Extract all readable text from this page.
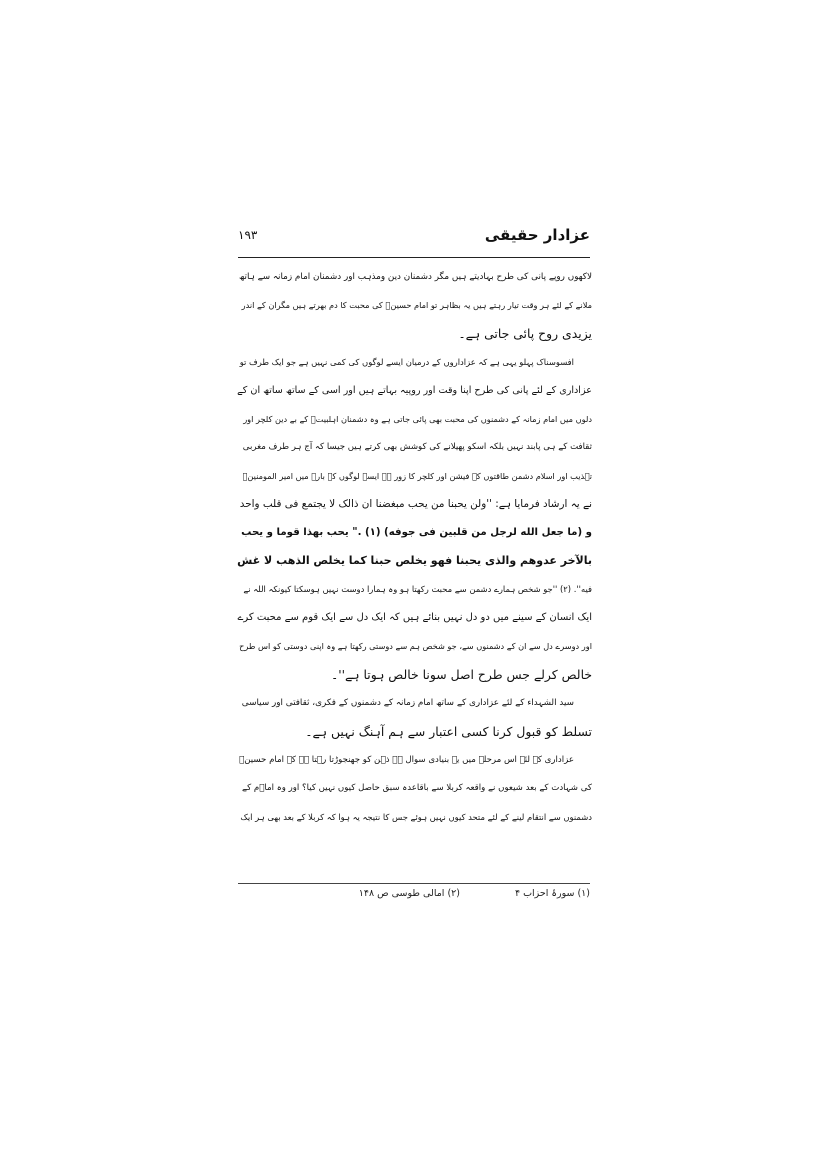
عزادار حقیقی
۱۹۳
لاکھوں روپے پانی کی طرح بہادیتے ہیں مگر دشمنان دین ومذہب اور دشمنان امام زمانہ سے ہاتھ
ملانے کے لئے ہر وقت تیار رہتے ہیں یہ بظاہر تو امام حسینؑ کی محبت کا دم بھرتے ہیں مگران کے اندر
یزیدی روح پائی جاتی ہے۔
افسوسناک پہلو یہی ہے کہ عزاداروں کے درمیان ایسے لوگوں کی کمی نہیں ہے جو ایک طرف تو
عزاداری کے لئے پانی کی طرح اپنا وقت اور روپیہ بہاتے ہیں اور اسی کے ساتھ ساتھ ان کے
دلوں میں امام زمانہ کے دشمنوں کی محبت بھی پائی جاتی ہے وہ دشمنان اہلبیتؑ کے بے دین کلچر اور
ثقافت کے ہی پابند نہیں بلکہ اسکو پھیلانے کی کوشش بھی کرتے ہیں جیسا کہ آج ہر طرف مغربی
تہذیب اور اسلام دشمن طاقتوں کے فیشن اور کلچر کا زور ہے ایسے لوگوں کے بارے میں امیر المومنینؑ
نے یہ ارشاد فرمایا ہے: ''ولن یحبنا من یحب مبغضنا ان ذالک لا یجتمع فی قلب واحد
و (ما جعل الله لرجل من قلبین فی جوفه) (۱) ." یحب بهذا قوما و یحب
بالآخر عدوهم والذی یحبنا فهو یخلص حبنا کما یخلص الذهب لا غش
فیه''. (۲) ''جو شخص ہمارے دشمن سے محبت رکھتا ہو وہ ہمارا دوست نہیں ہوسکتا کیونکہ اللہ نے
ایک انسان کے سینے میں دو دل نہیں بنائے ہیں کہ ایک دل سے ایک قوم سے محبت کرے
اور دوسرے دل سے ان کے دشمنوں سے، جو شخص ہم سے دوستی رکھتا ہے وہ اپنی دوستی کو اس طرح
خالص کرلے جس طرح اصل سونا خالص ہوتا ہے''۔
سید الشہداء کے لئے عزاداری کے ساتھ امام زمانہ کے دشمنوں کے فکری، ثقافتی اور سیاسی
تسلط کو قبول کرنا کسی اعتبار سے ہم آہنگ نہیں ہے۔
عزاداری کے لئے اس مرحلہ میں یہ بنیادی سوال ہے ذہن کو جھنجوڑتا رہتا ہے کہ امام حسینؑ
کی شہادت کے بعد شیعوں نے واقعہ کربلا سے باقاعدہ سبق حاصل کیوں نہیں کیا؟ اور وہ اماؑم کے
دشمنوں سے انتقام لینے کے لئے متحد کیوں نہیں ہوئے جس کا نتیجہ یہ ہوا کہ کربلا کے بعد بھی ہر ایک
(۱) سورۂ احزاب ۴
(۲) امالی طوسی ص ۱۴۸
